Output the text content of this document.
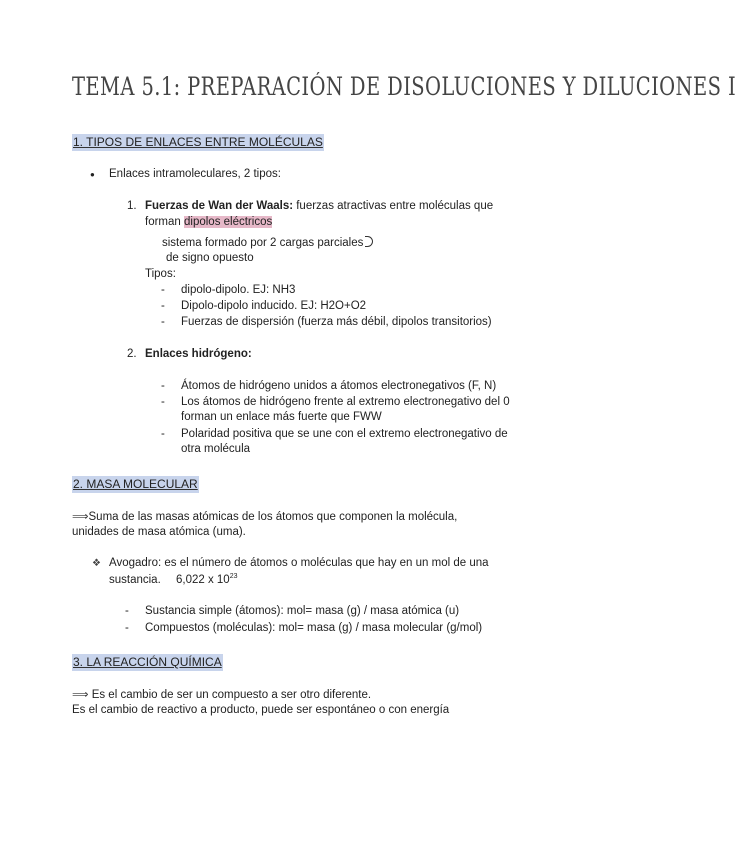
TEMA 5.1: PREPARACIÓN DE DISOLUCIONES Y DILUCIONES I
1. TIPOS DE ENLACES ENTRE MOLÉCULAS
● Enlaces intramoleculares, 2 tipos:
1. Fuerzas de Wan der Waals: fuerzas atractivas entre moléculas que
forman dipolos eléctricos
sistema formado por 2 cargas parciales
de signo opuesto
Tipos:
- dipolo-dipolo. EJ: NH3
- Dipolo-dipolo inducido. EJ: H2O+O2
- Fuerzas de dispersión (fuerza más débil, dipolos transitorios)
2. Enlaces hidrógeno:
- Átomos de hidrógeno unidos a átomos electronegativos (F, N)
- Los átomos de hidrógeno frente al extremo electronegativo del 0
forman un enlace más fuerte que FWW
- Polaridad positiva que se une con el extremo electronegativo de
otra molécula
2. MASA MOLECULAR
⟹Suma de las masas atómicas de los átomos que componen la molécula,
unidades de masa atómica (uma).
❖ Avogadro: es el número de átomos o moléculas que hay en un mol de una
sustancia. 6,022 x $10^{23}$
- Sustancia simple (átomos): mol= masa (g) / masa atómica (u)
- Compuestos (moléculas): mol= masa (g) / masa molecular (g/mol)
3. LA REACCIÓN QUÍMICA
⟹ Es el cambio de ser un compuesto a ser otro diferente.
Es el cambio de reactivo a producto, puede ser espontáneo o con energía
